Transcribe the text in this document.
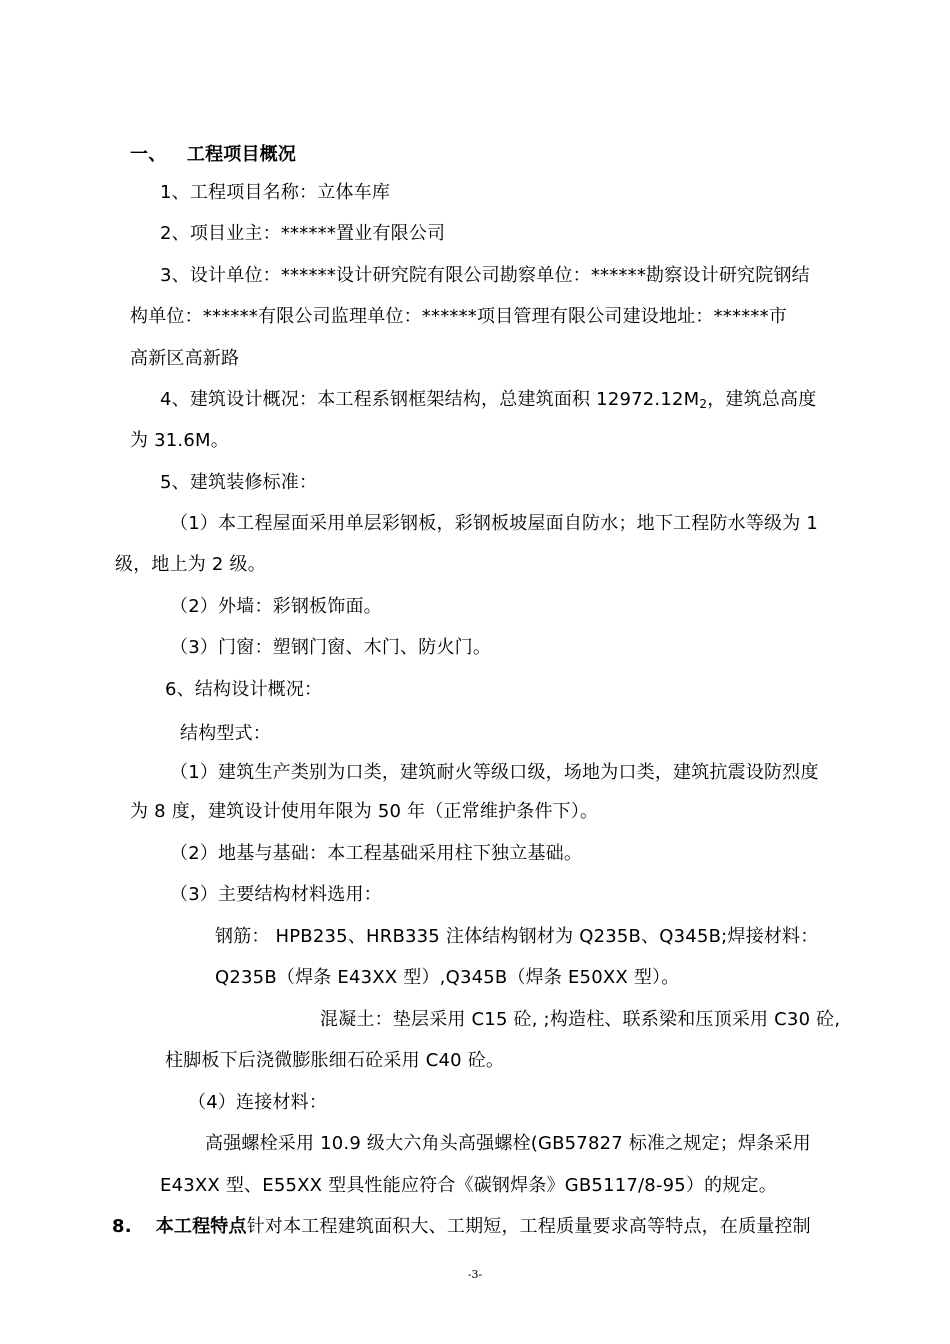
一、 工程项目概况
1、工程项目名称：立体车库
2、项目业主：******置业有限公司
3、设计单位：******设计研究院有限公司勘察单位：******勘察设计研究院钢结
构单位：******有限公司监理单位：******项目管理有限公司建设地址：******市
高新区高新路
4、建筑设计概况：本工程系钢框架结构，总建筑面积 $12972.12M_2$，建筑总高度
为 31.6M。
5、建筑装修标准：
（1）本工程屋面采用单层彩钢板，彩钢板坡屋面自防水；地下工程防水等级为 1
级，地上为 2 级。
（2）外墙：彩钢板饰面。
（3）门窗：塑钢门窗、木门、防火门。
6、结构设计概况：
结构型式：
（1）建筑生产类别为口类，建筑耐火等级口级，场地为口类，建筑抗震设防烈度
为 8 度，建筑设计使用年限为 50 年（正常维护条件下）。
（2）地基与基础：本工程基础采用柱下独立基础。
（3）主要结构材料选用：
钢筋： HPB235、HRB335 注体结构钢材为 Q235B、Q345B;焊接材料：
Q235B（焊条 E43XX 型）,Q345B（焊条 E50XX 型）。
混凝土：垫层采用 C15 砼, ;构造柱、联系梁和压顶采用 C30 砼,
柱脚板下后浇微膨胀细石砼采用 C40 砼。
（4）连接材料：
高强螺栓采用 10.9 级大六角头高强螺栓(GB57827 标准之规定；焊条采用
E43XX 型、E55XX 型具性能应符合《碳钢焊条》GB5117/8-95）的规定。
8. 本工程特点针对本工程建筑面积大、工期短，工程质量要求高等特点，在质量控制
-3-
